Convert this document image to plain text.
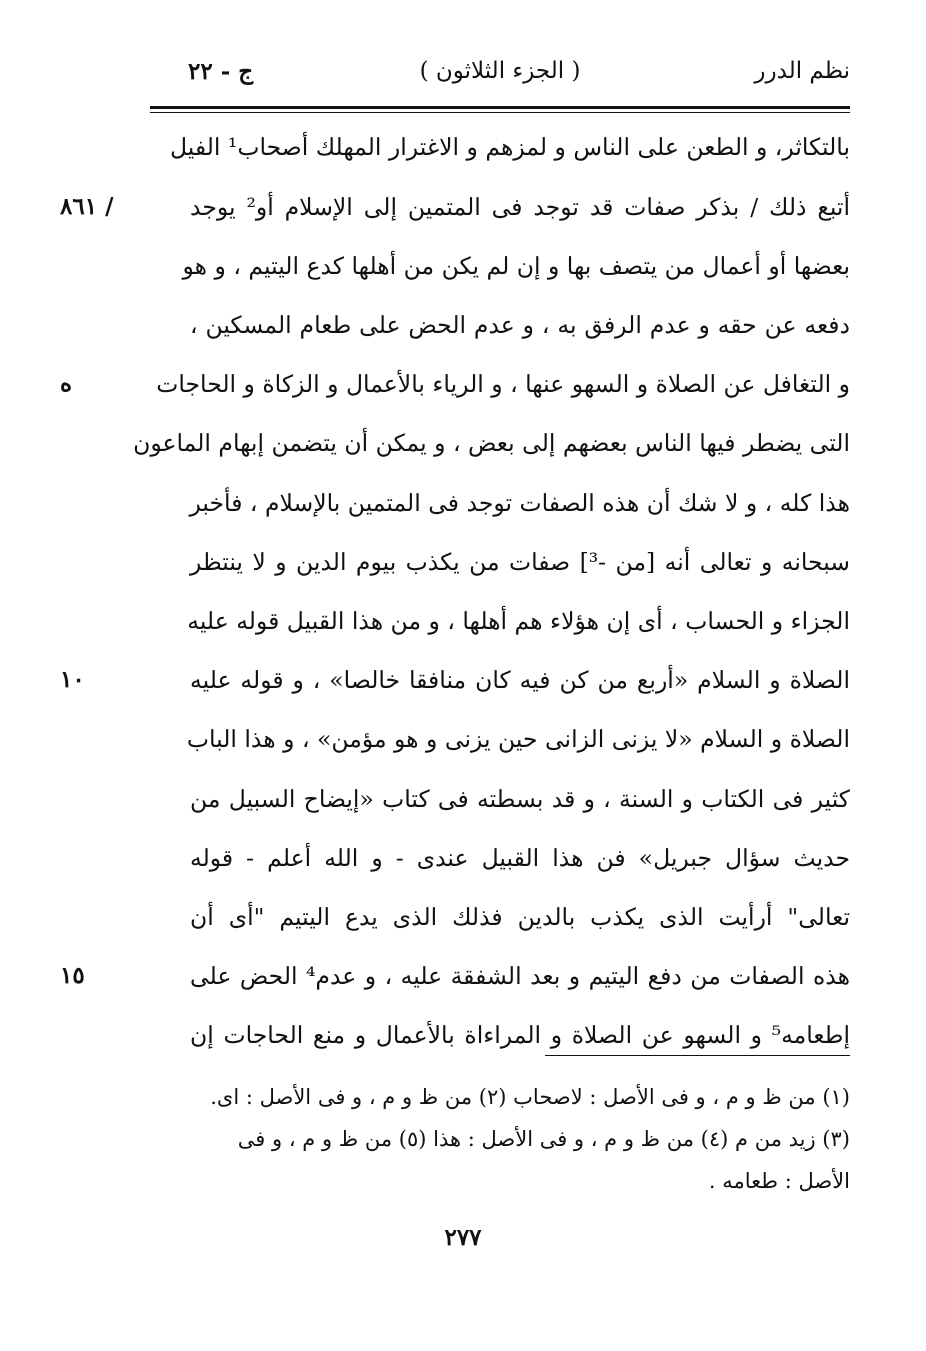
نظم الدرر
( الجزء الثلاثون )
ج - ٢٢
بالتكاثر، و الطعن على الناس و لمزهم و الاغترار المهلك أصحاب¹ الفيل
أتبع ذلك / بذكر صفات قد توجد فى المتمين إلى الإسلام أو² يوجد
بعضها أو أعمال من يتصف بها و إن لم يكن من أهلها كدع اليتيم ، و هو
دفعه عن حقه و عدم الرفق به ، و عدم الحض على طعام المسكين ،
و التغافل عن الصلاة و السهو عنها ، و الرياء بالأعمال و الزكاة و الحاجات
التى يضطر فيها الناس بعضهم إلى بعض ، و يمكن أن يتضمن إبهام الماعون
هذا كله ، و لا شك أن هذه الصفات توجد فى المتمين بالإسلام ، فأخبر
سبحانه و تعالى أنه [من -³] صفات من يكذب بيوم الدين و لا ينتظر
الجزاء و الحساب ، أى إن هؤلاء هم أهلها ، و من هذا القبيل قوله عليه
الصلاة و السلام «أربع من كن فيه كان منافقا خالصا» ، و قوله عليه
الصلاة و السلام «لا يزنى الزانى حين يزنى و هو مؤمن» ، و هذا الباب
كثير فى الكتاب و السنة ، و قد بسطته فى كتاب «إيضاح السبيل من
حديث سؤال جبريل» فن هذا القبيل عندى - و الله أعلم - قوله
تعالى" أرأيت الذى يكذب بالدين فذلك الذى يدع اليتيم "أى أن
هذه الصفات من دفع اليتيم و بعد الشفقة عليه ، و عدم⁴ الحض على
إطعامه⁵ و السهو عن الصلاة و المراءاة بالأعمال و منع الحاجات إن
/ ٨٦١
ه
١٠
١٥
(١) من ظ و م ، و فى الأصل : لاصحاب (٢) من ظ و م ، و فى الأصل : اى.
(٣) زيد من م (٤) من ظ و م ، و فى الأصل : هذا (٥) من ظ و م ، و فى
الأصل : طعامه .
٢٧٧
